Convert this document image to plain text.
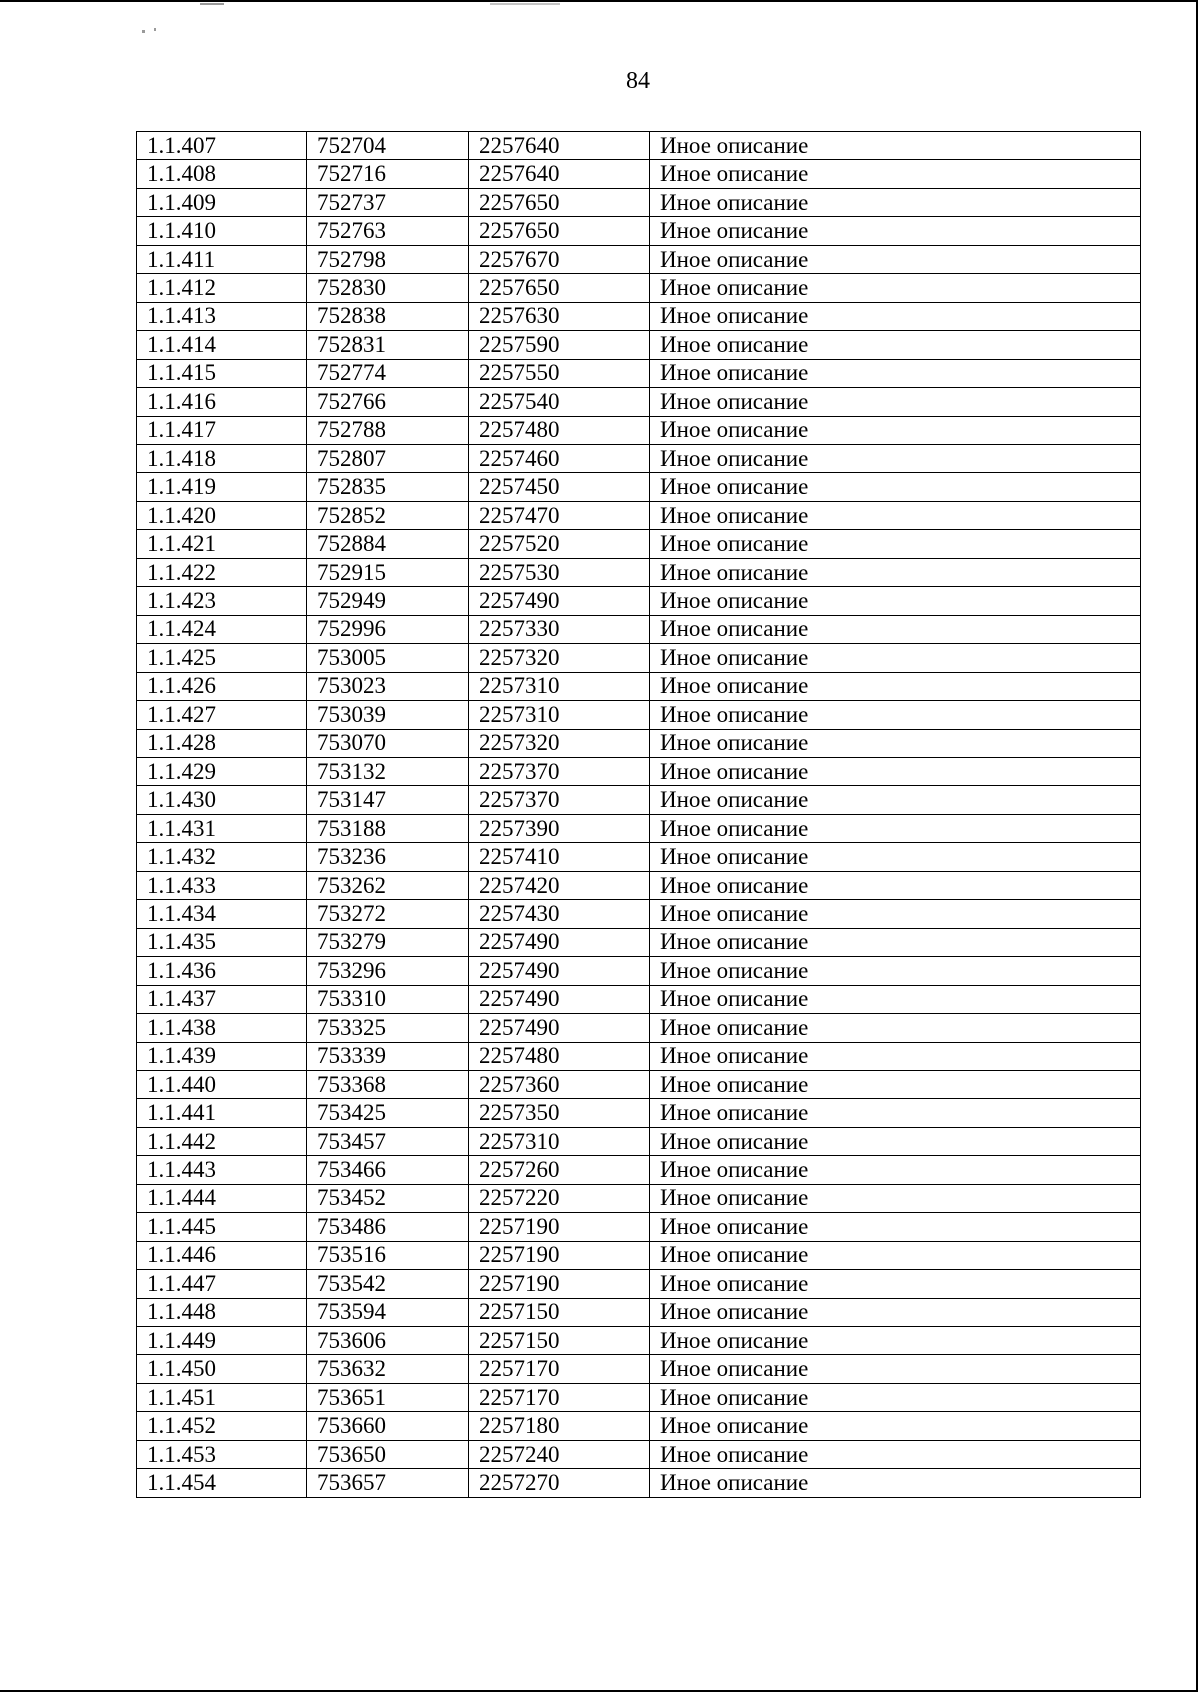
84
1.1.407	752704	2257640	Иное описание
1.1.408	752716	2257640	Иное описание
1.1.409	752737	2257650	Иное описание
1.1.410	752763	2257650	Иное описание
1.1.411	752798	2257670	Иное описание
1.1.412	752830	2257650	Иное описание
1.1.413	752838	2257630	Иное описание
1.1.414	752831	2257590	Иное описание
1.1.415	752774	2257550	Иное описание
1.1.416	752766	2257540	Иное описание
1.1.417	752788	2257480	Иное описание
1.1.418	752807	2257460	Иное описание
1.1.419	752835	2257450	Иное описание
1.1.420	752852	2257470	Иное описание
1.1.421	752884	2257520	Иное описание
1.1.422	752915	2257530	Иное описание
1.1.423	752949	2257490	Иное описание
1.1.424	752996	2257330	Иное описание
1.1.425	753005	2257320	Иное описание
1.1.426	753023	2257310	Иное описание
1.1.427	753039	2257310	Иное описание
1.1.428	753070	2257320	Иное описание
1.1.429	753132	2257370	Иное описание
1.1.430	753147	2257370	Иное описание
1.1.431	753188	2257390	Иное описание
1.1.432	753236	2257410	Иное описание
1.1.433	753262	2257420	Иное описание
1.1.434	753272	2257430	Иное описание
1.1.435	753279	2257490	Иное описание
1.1.436	753296	2257490	Иное описание
1.1.437	753310	2257490	Иное описание
1.1.438	753325	2257490	Иное описание
1.1.439	753339	2257480	Иное описание
1.1.440	753368	2257360	Иное описание
1.1.441	753425	2257350	Иное описание
1.1.442	753457	2257310	Иное описание
1.1.443	753466	2257260	Иное описание
1.1.444	753452	2257220	Иное описание
1.1.445	753486	2257190	Иное описание
1.1.446	753516	2257190	Иное описание
1.1.447	753542	2257190	Иное описание
1.1.448	753594	2257150	Иное описание
1.1.449	753606	2257150	Иное описание
1.1.450	753632	2257170	Иное описание
1.1.451	753651	2257170	Иное описание
1.1.452	753660	2257180	Иное описание
1.1.453	753650	2257240	Иное описание
1.1.454	753657	2257270	Иное описание
